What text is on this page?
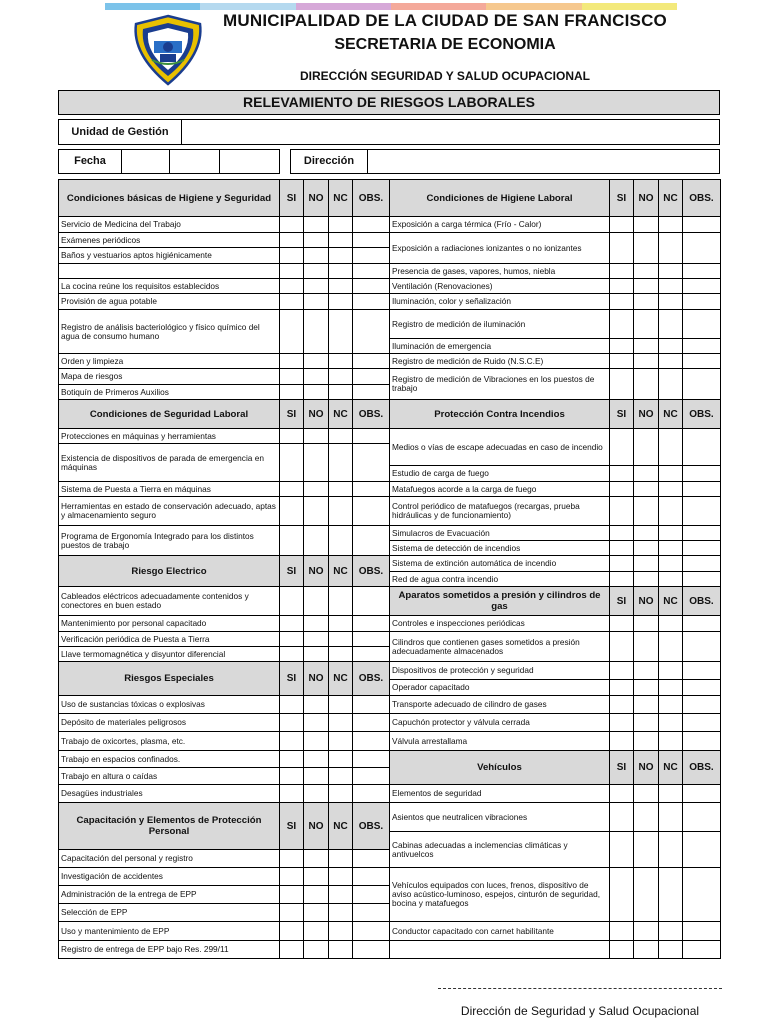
MUNICIPALIDAD DE LA CIUDAD DE SAN FRANCISCO
SECRETARIA DE ECONOMIA
DIRECCIÓN SEGURIDAD Y SALUD OCUPACIONAL
RELEVAMIENTO DE RIESGOS LABORALES
Unidad de Gestión
Fecha	Dirección
Condiciones básicas de Higiene y Seguridad	SI	NO	NC	OBS.	Condiciones de Higiene Laboral	SI	NO	NC	OBS.
Servicio de Medicina del Trabajo					Exposición a carga térmica (Frío - Calor)				
Exámenes periódicos					Exposición a radiaciones ionizantes o no ionizantes				
Baños y vestuarios aptos higiénicamente									
					Presencia de gases, vapores, humos, niebla				
La cocina reúne los requisitos establecidos					Ventilación (Renovaciones)				
Provisión de agua potable					Iluminación, color y señalización				
Registro de análisis bacteriológico y físico químico del agua de consumo humano					Registro de medición de iluminación				
					Iluminación de emergencia				
Orden y limpieza					Registro de medición de Ruido (N.S.C.E)				
Mapa de riesgos					Registro de medición de Vibraciones en los puestos de trabajo				
Botiquín de Primeros Auxilios									
Condiciones de Seguridad Laboral	SI	NO	NC	OBS.	Protección Contra Incendios	SI	NO	NC	OBS.
Protecciones en máquinas y herramientas					Medios o vías de escape adecuadas en caso de incendio				
Existencia de dispositivos de parada de emergencia en máquinas									
					Estudio de carga de fuego				
Sistema de Puesta a Tierra en máquinas					Matafuegos acorde a la carga de fuego				
Herramientas en estado de conservación adecuado, aptas y almacenamiento seguro					Control periódico de matafuegos (recargas, prueba hidráulicas y de funcionamiento)				
Programa de Ergonomía Integrado para los distintos puestos de trabajo					Simulacros de Evacuación				
					Sistema de detección de incendios				
Riesgo Electrico	SI	NO	NC	OBS.	Sistema de extinción automática de incendio				
					Red de agua contra incendio				
Cableados eléctricos adecuadamente contenidos y conectores en buen estado					Aparatos sometidos a presión y cilindros de gas	SI	NO	NC	OBS.
Mantenimiento por personal capacitado					Controles e inspecciones periódicas				
Verificación periódica de Puesta a Tierra					Cilindros que contienen gases sometidos a presión adecuadamente almacenados				
Llave termomagnética y disyuntor diferencial									
Riesgos Especiales	SI	NO	NC	OBS.	Dispositivos de protección y seguridad				
					Operador capacitado				
Uso de sustancias tóxicas o explosivas					Transporte adecuado de cilindro de gases				
Depósito de materiales peligrosos					Capuchón protector y válvula cerrada				
Trabajo de oxicortes, plasma, etc.					Válvula arrestallama				
Trabajo en espacios confinados.					Vehículos	SI	NO	NC	OBS.
Trabajo en altura o caídas									
Desagües industriales					Elementos de seguridad				
Capacitación y Elementos de Protección Personal	SI	NO	NC	OBS.	Asientos que neutralicen vibraciones				
					Cabinas adecuadas a inclemencias climáticas y antivuelcos				
Capacitación del personal y registro									
Investigación de accidentes					Vehículos equipados con luces, frenos, dispositivo de aviso acústico-luminoso, espejos, cinturón de seguridad, bocina y matafuegos				
Administración de la entrega de EPP									
Selección de EPP									
Uso y mantenimiento de EPP					Conductor capacitado con carnet habilitante				
Registro de entrega de EPP bajo Res. 299/11									
Dirección de Seguridad y Salud Ocupacional
